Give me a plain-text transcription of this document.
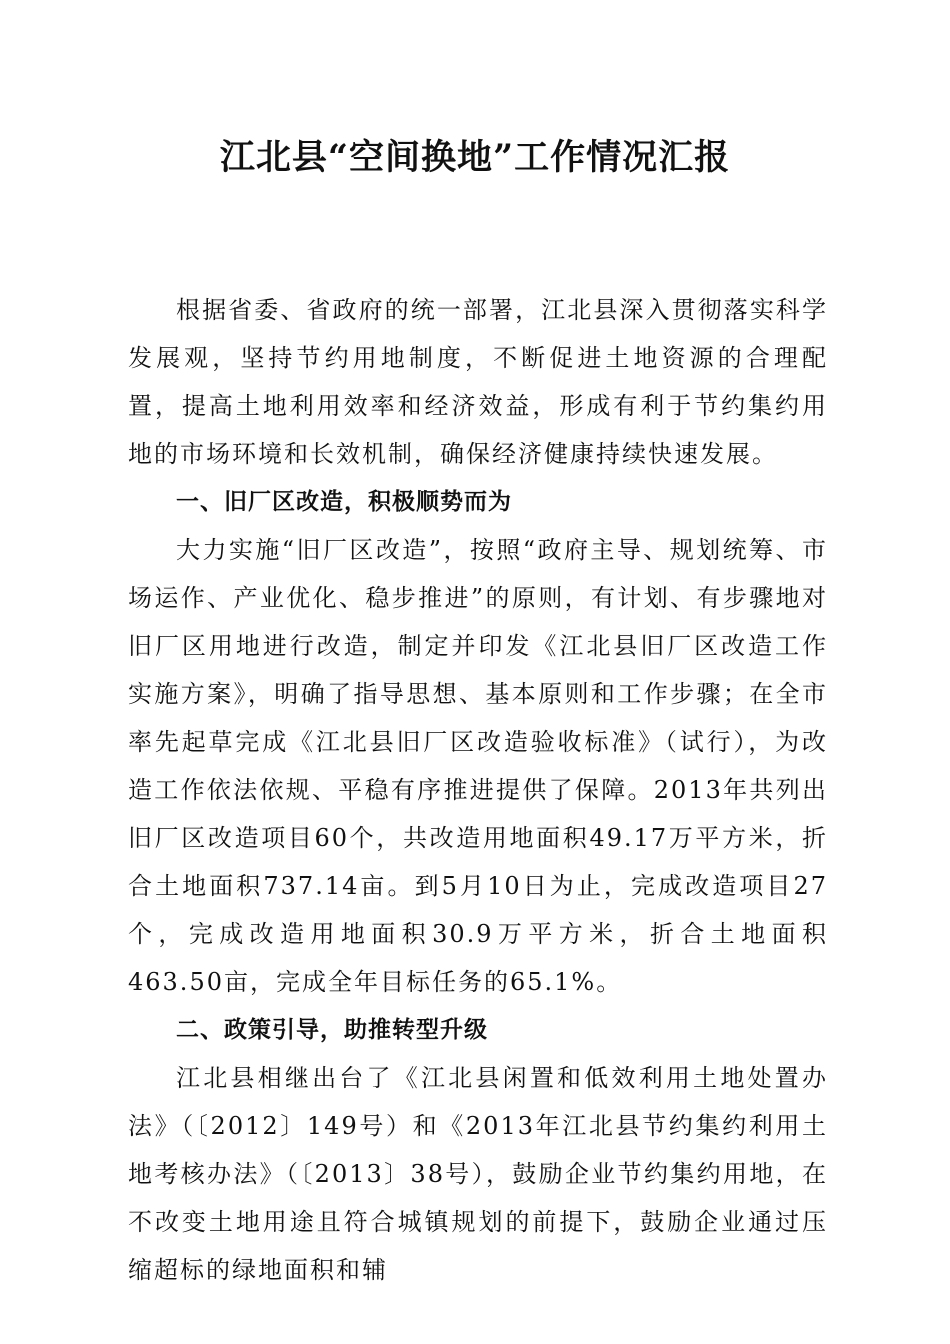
江北县“空间换地”工作情况汇报

根据省委、省政府的统一部署，江北县深入贯彻落实科学发展观，坚持节约用地制度，不断促进土地资源的合理配置，提高土地利用效率和经济效益，形成有利于节约集约用地的市场环境和长效机制，确保经济健康持续快速发展。

一、旧厂区改造，积极顺势而为

大力实施“旧厂区改造”，按照“政府主导、规划统筹、市场运作、产业优化、稳步推进”的原则，有计划、有步骤地对旧厂区用地进行改造，制定并印发《江北县旧厂区改造工作实施方案》，明确了指导思想、基本原则和工作步骤；在全市率先起草完成《江北县旧厂区改造验收标准》（试行），为改造工作依法依规、平稳有序推进提供了保障。2013年共列出旧厂区改造项目60个，共改造用地面积49.17万平方米，折合土地面积737.14亩。到5月10日为止，完成改造项目27个，完成改造用地面积30.9万平方米，折合土地面积463.50亩，完成全年目标任务的65.1%。

二、政策引导，助推转型升级

江北县相继出台了《江北县闲置和低效利用土地处置办法》（〔2012〕149号）和《2013年江北县节约集约利用土地考核办法》（〔2013〕38号），鼓励企业节约集约用地，在不改变土地用途且符合城镇规划的前提下，鼓励企业通过压缩超标的绿地面积和辅
